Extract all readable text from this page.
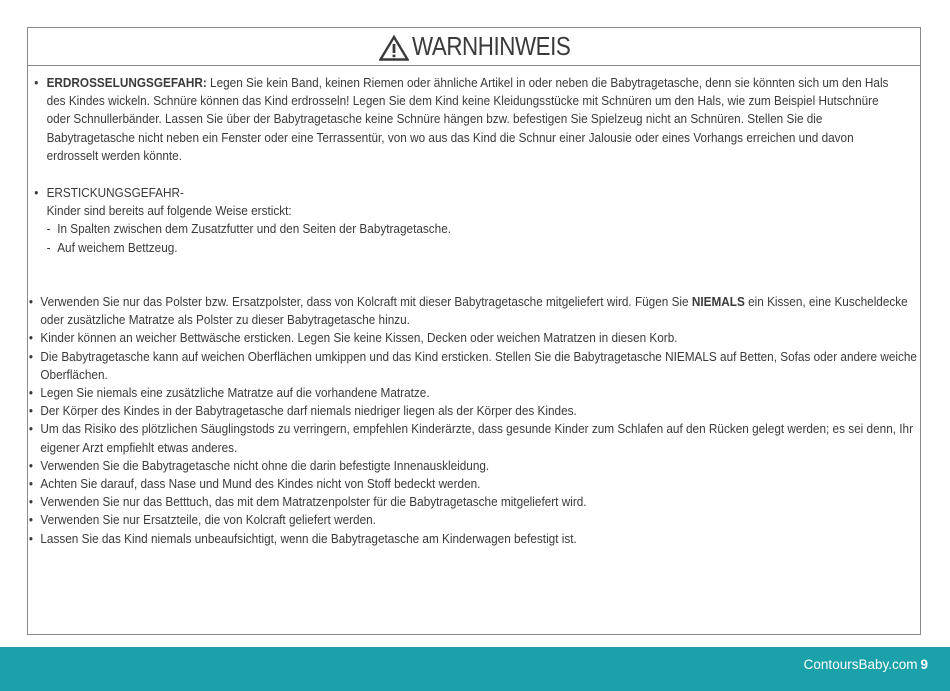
WARNHINWEIS
• ERDROSSELUNGSGEFAHR: Legen Sie kein Band, keinen Riemen oder ähnliche Artikel in oder neben die Babytragetasche, denn sie könnten sich um den Hals des Kindes wickeln. Schnüre können das Kind erdrosseln! Legen Sie dem Kind keine Kleidungsstücke mit Schnüren um den Hals, wie zum Beispiel Hutschnüre oder Schnullerbänder. Lassen Sie über der Babytragetasche keine Schnüre hängen bzw. befestigen Sie Spielzeug nicht an Schnüren. Stellen Sie die Babytragetasche nicht neben ein Fenster oder eine Terrassentür, von wo aus das Kind die Schnur einer Jalousie oder eines Vorhangs erreichen und davon erdrosselt werden könnte.
• ERSTICKUNGSGEFAHR-
Kinder sind bereits auf folgende Weise erstickt:
- In Spalten zwischen dem Zusatzfutter und den Seiten der Babytragetasche.
- Auf weichem Bettzeug.
• Verwenden Sie nur das Polster bzw. Ersatzpolster, dass von Kolcraft mit dieser Babytragetasche mitgeliefert wird. Fügen Sie NIEMALS ein Kissen, eine Kuscheldecke oder zusätzliche Matratze als Polster zu dieser Babytragetasche hinzu.
• Kinder können an weicher Bettwäsche ersticken. Legen Sie keine Kissen, Decken oder weichen Matratzen in diesen Korb.
• Die Babytragetasche kann auf weichen Oberflächen umkippen und das Kind ersticken. Stellen Sie die Babytragetasche NIEMALS auf Betten, Sofas oder andere weiche Oberflächen.
• Legen Sie niemals eine zusätzliche Matratze auf die vorhandene Matratze.
• Der Körper des Kindes in der Babytragetasche darf niemals niedriger liegen als der Körper des Kindes.
• Um das Risiko des plötzlichen Säuglingstods zu verringern, empfehlen Kinderärzte, dass gesunde Kinder zum Schlafen auf den Rücken gelegt werden; es sei denn, Ihr eigener Arzt empfiehlt etwas anderes.
• Verwenden Sie die Babytragetasche nicht ohne die darin befestigte Innenauskleidung.
• Achten Sie darauf, dass Nase und Mund des Kindes nicht von Stoff bedeckt werden.
• Verwenden Sie nur das Betttuch, das mit dem Matratzenpolster für die Babytragetasche mitgeliefert wird.
• Verwenden Sie nur Ersatzteile, die von Kolcraft geliefert werden.
• Lassen Sie das Kind niemals unbeaufsichtigt, wenn die Babytragetasche am Kinderwagen befestigt ist.
ContoursBaby.com 9
